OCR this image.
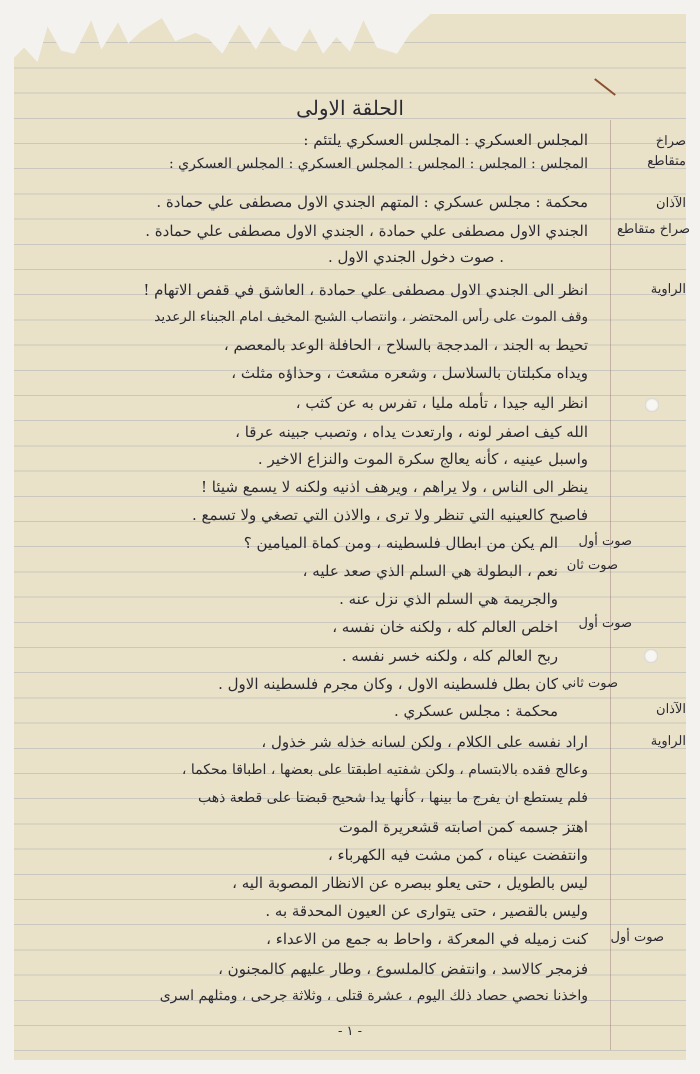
الحلقة الاولى
صراخ
متقاطع
الآذان
صراخ متقاطع
الراوية
صوت أول
صوت ثان
صوت أول
صوت ثاني
الآذان
الراوية
صوت أول
المجلس العسكري : المجلس العسكري يلتئم :
المجلس : المجلس : المجلس : المجلس العسكري : المجلس العسكري :
محكمة : مجلس عسكري : المتهم الجندي الاول مصطفى علي حمادة .
الجندي الاول مصطفى علي حمادة ، الجندي الاول مصطفى علي حمادة .
. صوت دخول الجندي الاول .
انظر الى الجندي الاول مصطفى علي حمادة ، العاشق في قفص الاتهام !
وقف الموت على رأس المحتضر ، وانتصاب الشبح المخيف امام الجبناء الرعديد
تحيط به الجند ، المدججة بالسلاح ، الحافلة الوعد بالمعصم ،
ويداه مكبلتان بالسلاسل ، وشعره مشعث ، وحذاؤه مثلث ،
انظر اليه جيدا ، تأمله مليا ، تفرس به عن كثب ،
الله كيف اصفر لونه ، وارتعدت يداه ، وتصبب جبينه عرقا ،
واسبل عينيه ، كأنه يعالج سكرة الموت والنزاع الاخير .
ينظر الى الناس ، ولا يراهم ، ويرهف اذنيه ولكنه لا يسمع شيئا !
فاصبح كالعينيه التي تنظر ولا ترى ، والاذن التي تصغي ولا تسمع .
الم يكن من ابطال فلسطينه ، ومن كماة الميامين ؟
نعم ، البطولة هي السلم الذي صعد عليه ،
والجريمة هي السلم الذي نزل عنه .
اخلص العالم كله ، ولكنه خان نفسه ،
ربح العالم كله ، ولكنه خسر نفسه .
كان بطل فلسطينه الاول ، وكان مجرم فلسطينه الاول .
محكمة : مجلس عسكري .
اراد نفسه على الكلام ، ولكن لسانه خذله شر خذول ،
وعالج فقده بالابتسام ، ولكن شفتيه اطبقتا على بعضها ، اطباقا محكما ،
فلم يستطع ان يفرج ما بينها ، كأنها يدا شحيح قبضتا على قطعة ذهب
اهتز جسمه كمن اصابته قشعريرة الموت
وانتفضت عيناه ، كمن مشت فيه الكهرباء ،
ليس بالطويل ، حتى يعلو ببصره عن الانظار المصوبة اليه ،
وليس بالقصير ، حتى يتوارى عن العيون المحدقة به .
كنت زميله في المعركة ، واحاط به جمع من الاعداء ،
فزمجر كالاسد ، وانتفض كالملسوع ، وطار عليهم كالمجنون ،
واخذنا نحصي حصاد ذلك اليوم ، عشرة قتلى ، وثلاثة جرحى ، ومثلهم اسرى
- ١ -
